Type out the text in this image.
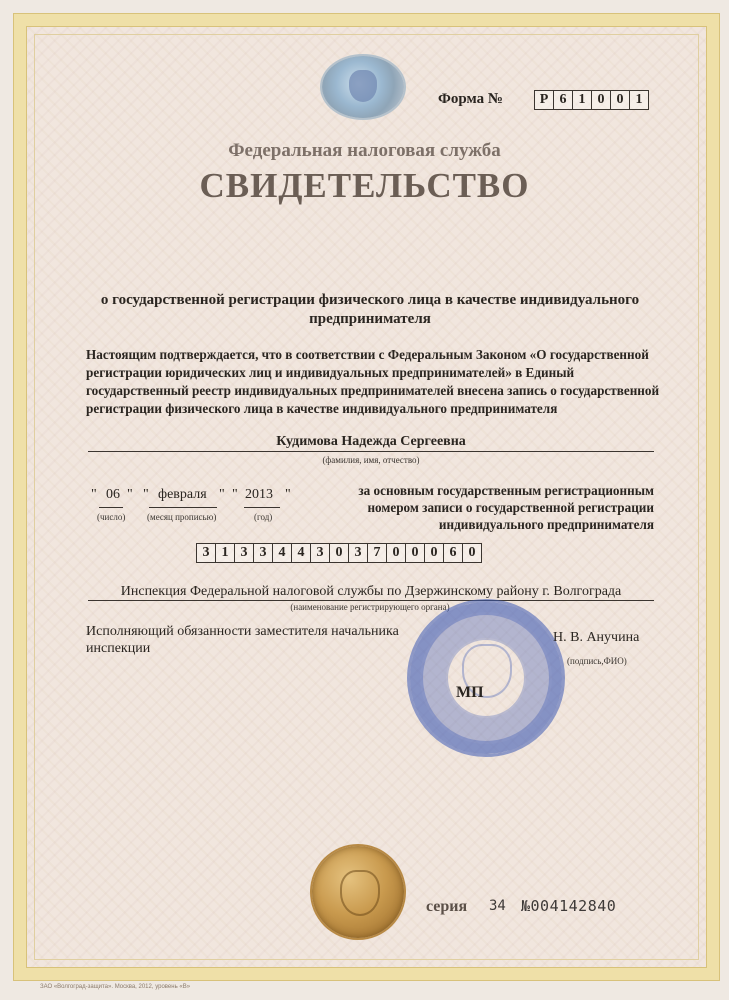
Форма №	Р 6 1 0 0 1
Федеральная налоговая служба
СВИДЕТЕЛЬСТВО
о государственной регистрации физического лица в качестве индивидуального предпринимателя
Настоящим подтверждается, что в соответствии с Федеральным Законом «О государственной регистрации юридических лиц и индивидуальных предпринимателей» в Единый государственный реестр индивидуальных предпринимателей внесена запись о государственной регистрации физического лица в качестве индивидуального предпринимателя
Кудимова Надежда Сергеевна
(фамилия, имя, отчество)
" 06 " " февраля " " 2013 "
(число) (месяц прописью)	(год)
за основным государственным регистрационным номером записи о государственной регистрации индивидуального предпринимателя
3 1 3 3 4 4 3 0 3 7 0 0 0 6 0
Инспекция Федеральной налоговой службы по Дзержинскому району г. Волгограда
(наименование регистрирующего органа)
Исполняющий обязанности заместителя начальника инспекции
Н. В. Анучина
(подпись,ФИО)
МП
серия 34 №004142840
ЗАО «Волгоград-защита». Москва, 2012, уровень «В»
